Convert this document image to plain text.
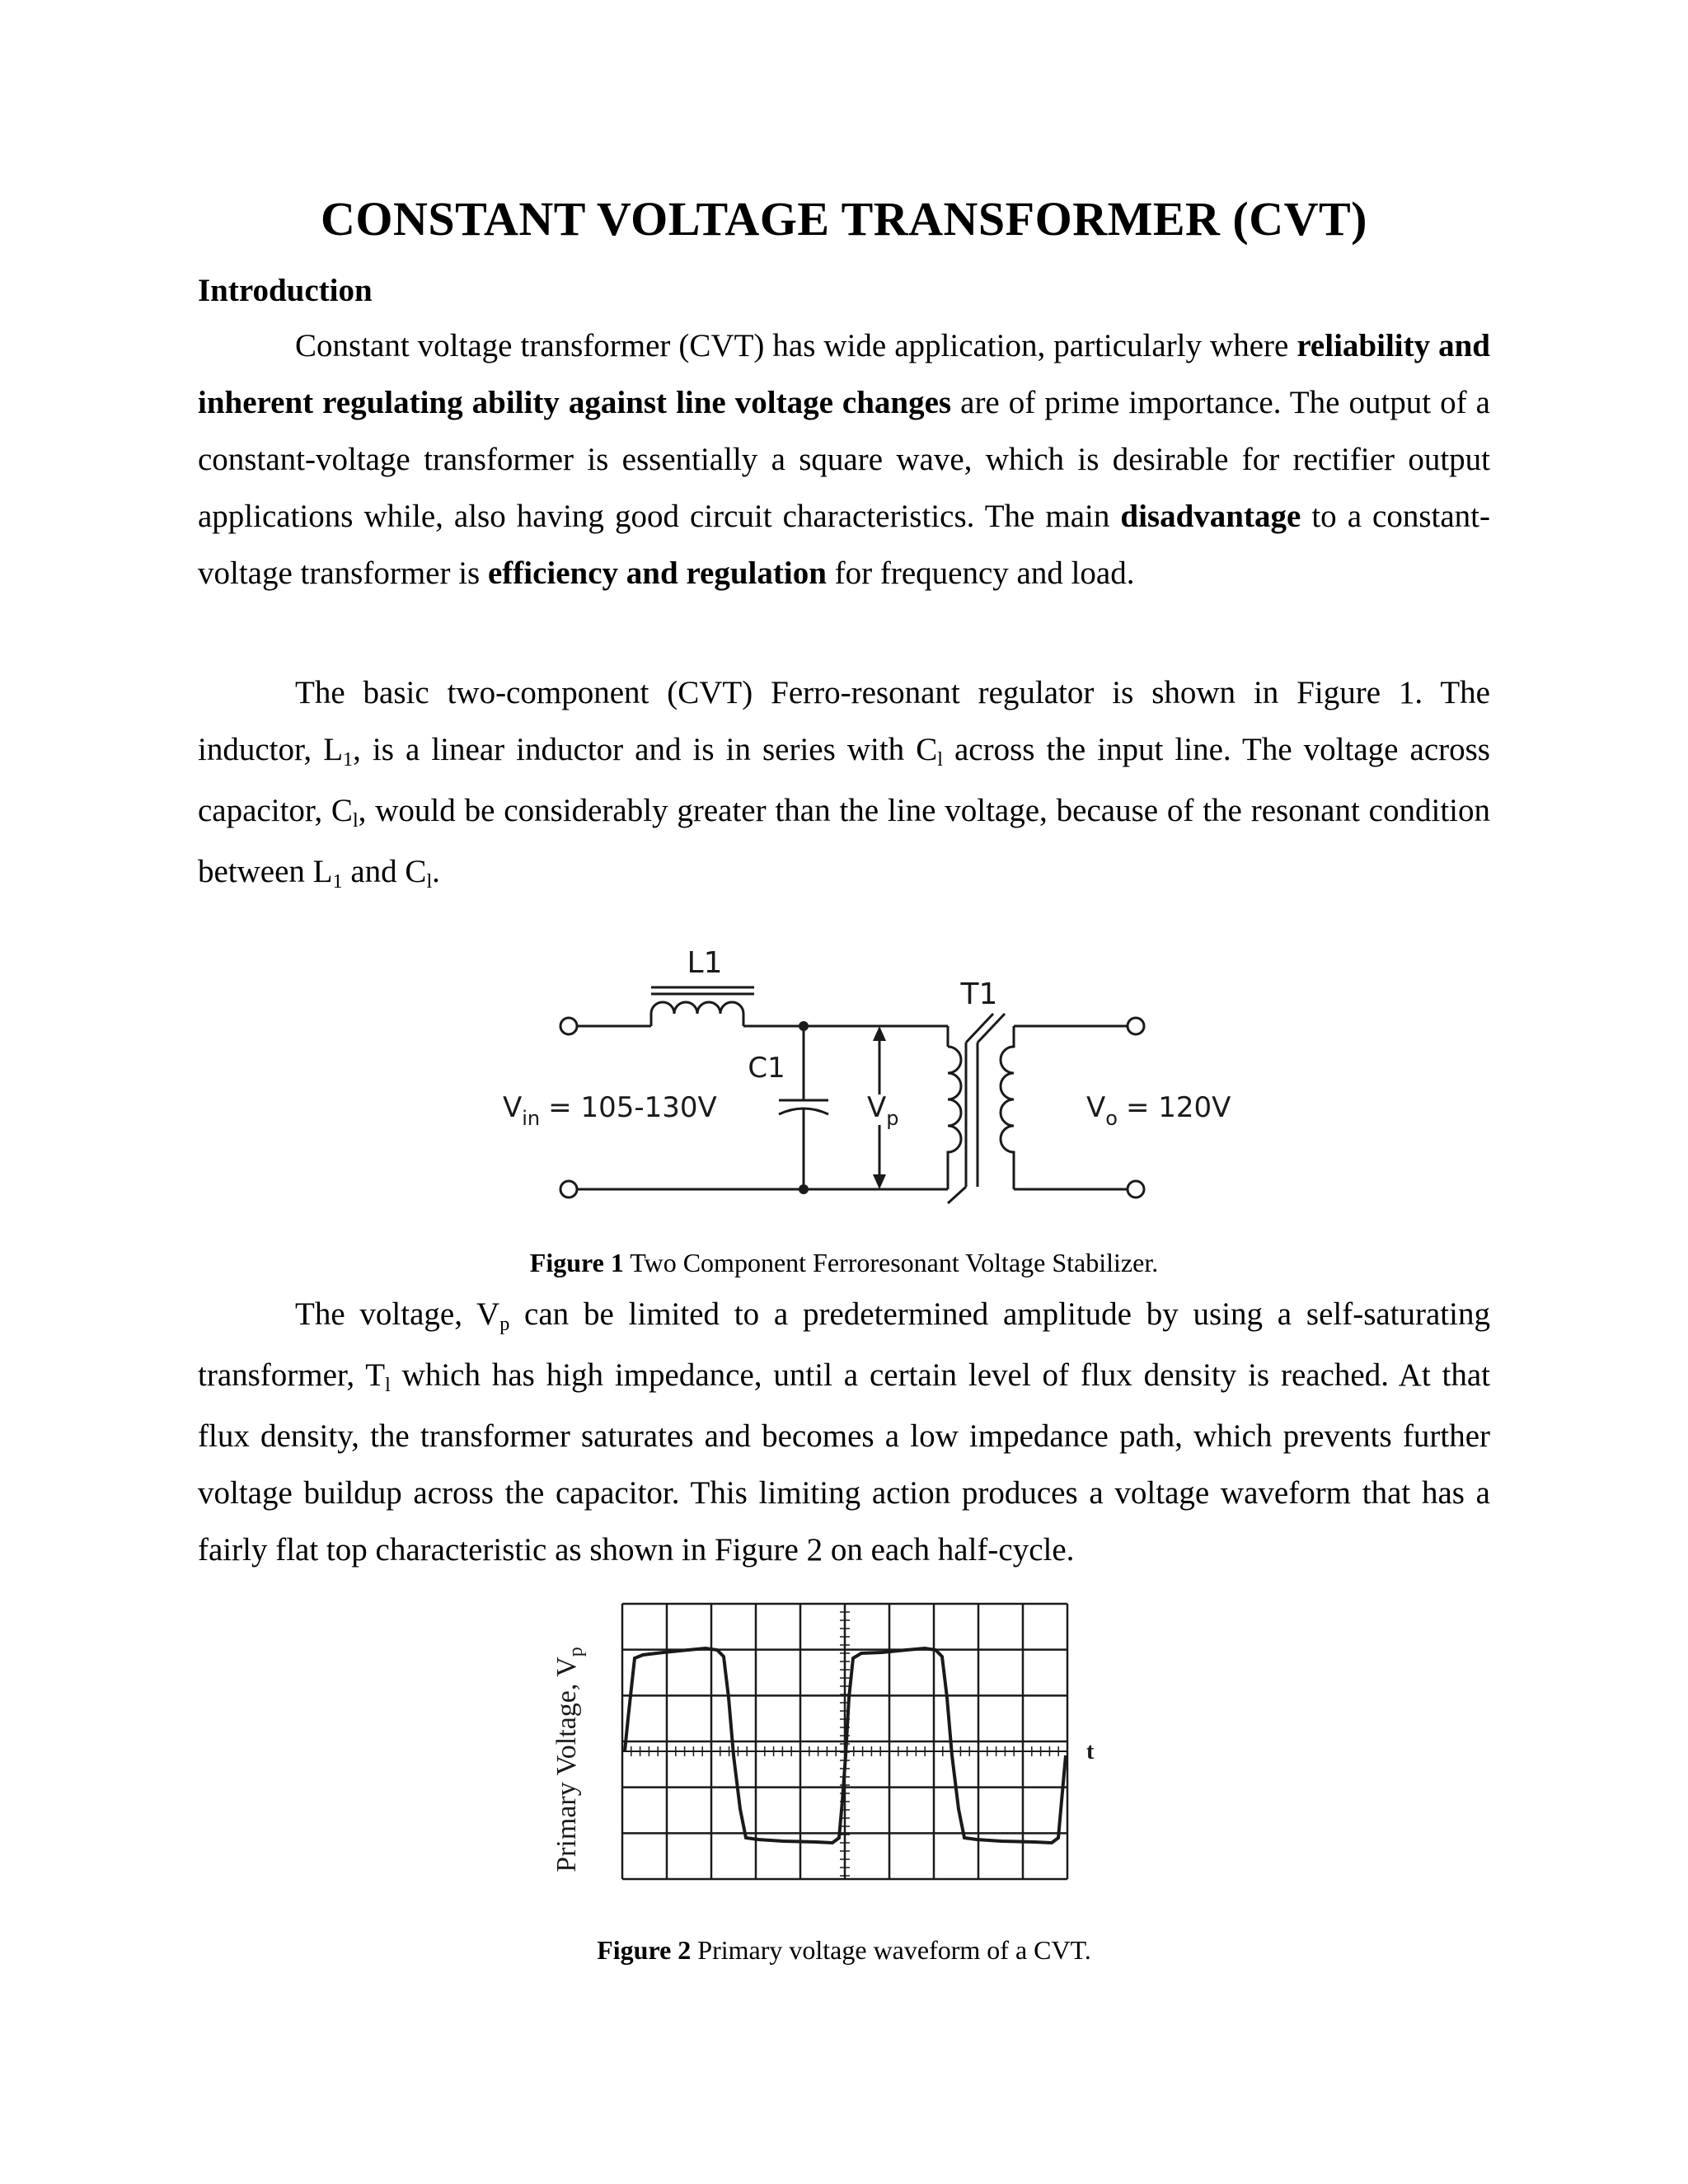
CONSTANT VOLTAGE TRANSFORMER (CVT)
Introduction
Constant voltage transformer (CVT) has wide application, particularly where reliability and inherent regulating ability against line voltage changes are of prime importance. The output of a constant-voltage transformer is essentially a square wave, which is desirable for rectifier output applications while, also having good circuit characteristics. The main disadvantage to a constant-voltage transformer is efficiency and regulation for frequency and load.
The basic two-component (CVT) Ferro-resonant regulator is shown in Figure 1. The inductor, L1, is a linear inductor and is in series with Cl across the input line. The voltage across capacitor, Cl, would be considerably greater than the line voltage, because of the resonant condition between L1 and Cl.
L1
T1
C1
$V_{in} = 105-130V$	$V_p$	$V_o = 120V$
Figure 1 Two Component Ferroresonant Voltage Stabilizer.
The voltage, Vp can be limited to a predetermined amplitude by using a self-saturating transformer, Tl which has high impedance, until a certain level of flux density is reached. At that flux density, the transformer saturates and becomes a low impedance path, which prevents further voltage buildup across the capacitor. This limiting action produces a voltage waveform that has a fairly flat top characteristic as shown in Figure 2 on each half-cycle.
Primary Voltage, $V_p$
t
Figure 2 Primary voltage waveform of a CVT.
